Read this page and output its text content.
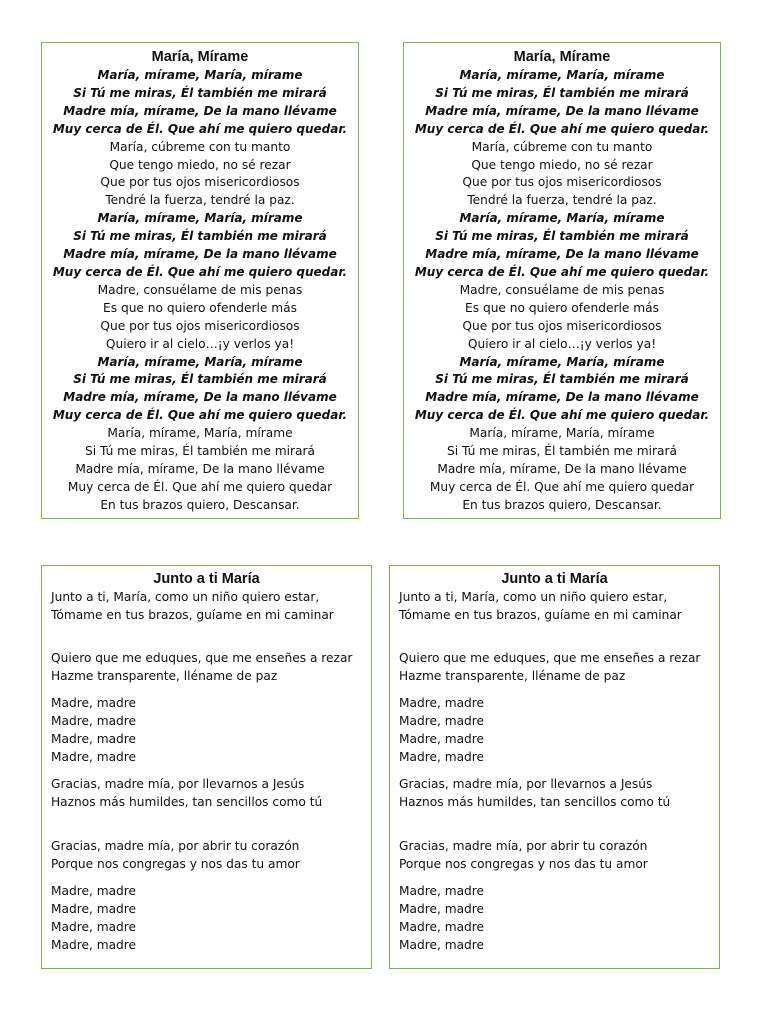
María, Mírame
María, mírame, María, mírame
Si Tú me miras, Él también me mirará
Madre mía, mírame, De la mano llévame
Muy cerca de Él. Que ahí me quiero quedar.
María, cúbreme con tu manto
Que tengo miedo, no sé rezar
Que por tus ojos misericordiosos
Tendré la fuerza, tendré la paz.
María, mírame, María, mírame
Si Tú me miras, Él también me mirará
Madre mía, mírame, De la mano llévame
Muy cerca de Él. Que ahí me quiero quedar.
Madre, consuélame de mis penas
Es que no quiero ofenderle más
Que por tus ojos misericordiosos
Quiero ir al cielo…¡y verlos ya!
María, mírame, María, mírame
Si Tú me miras, Él también me mirará
Madre mía, mírame, De la mano llévame
Muy cerca de Él. Que ahí me quiero quedar.
María, mírame, María, mírame
Si Tú me miras, Él también me mirará
Madre mía, mírame, De la mano llévame
Muy cerca de Él. Que ahí me quiero quedar
En tus brazos quiero, Descansar.
María, Mírame
María, mírame, María, mírame
Si Tú me miras, Él también me mirará
Madre mía, mírame, De la mano llévame
Muy cerca de Él. Que ahí me quiero quedar.
María, cúbreme con tu manto
Que tengo miedo, no sé rezar
Que por tus ojos misericordiosos
Tendré la fuerza, tendré la paz.
María, mírame, María, mírame
Si Tú me miras, Él también me mirará
Madre mía, mírame, De la mano llévame
Muy cerca de Él. Que ahí me quiero quedar.
Madre, consuélame de mis penas
Es que no quiero ofenderle más
Que por tus ojos misericordiosos
Quiero ir al cielo…¡y verlos ya!
María, mírame, María, mírame
Si Tú me miras, Él también me mirará
Madre mía, mírame, De la mano llévame
Muy cerca de Él. Que ahí me quiero quedar.
María, mírame, María, mírame
Si Tú me miras, Él también me mirará
Madre mía, mírame, De la mano llévame
Muy cerca de Él. Que ahí me quiero quedar
En tus brazos quiero, Descansar.
Junto a ti María
Junto a ti, María, como un niño quiero estar,
Tómame en tus brazos, guíame en mi caminar
Quiero que me eduques, que me enseñes a rezar
Hazme transparente, lléname de paz
Madre, madre
Madre, madre
Madre, madre
Madre, madre
Gracias, madre mía, por llevarnos a Jesús
Haznos más humildes, tan sencillos como tú
Gracias, madre mía, por abrir tu corazón
Porque nos congregas y nos das tu amor
Madre, madre
Madre, madre
Madre, madre
Madre, madre
Junto a ti María
Junto a ti, María, como un niño quiero estar,
Tómame en tus brazos, guíame en mi caminar
Quiero que me eduques, que me enseñes a rezar
Hazme transparente, lléname de paz
Madre, madre
Madre, madre
Madre, madre
Madre, madre
Gracias, madre mía, por llevarnos a Jesús
Haznos más humildes, tan sencillos como tú
Gracias, madre mía, por abrir tu corazón
Porque nos congregas y nos das tu amor
Madre, madre
Madre, madre
Madre, madre
Madre, madre
